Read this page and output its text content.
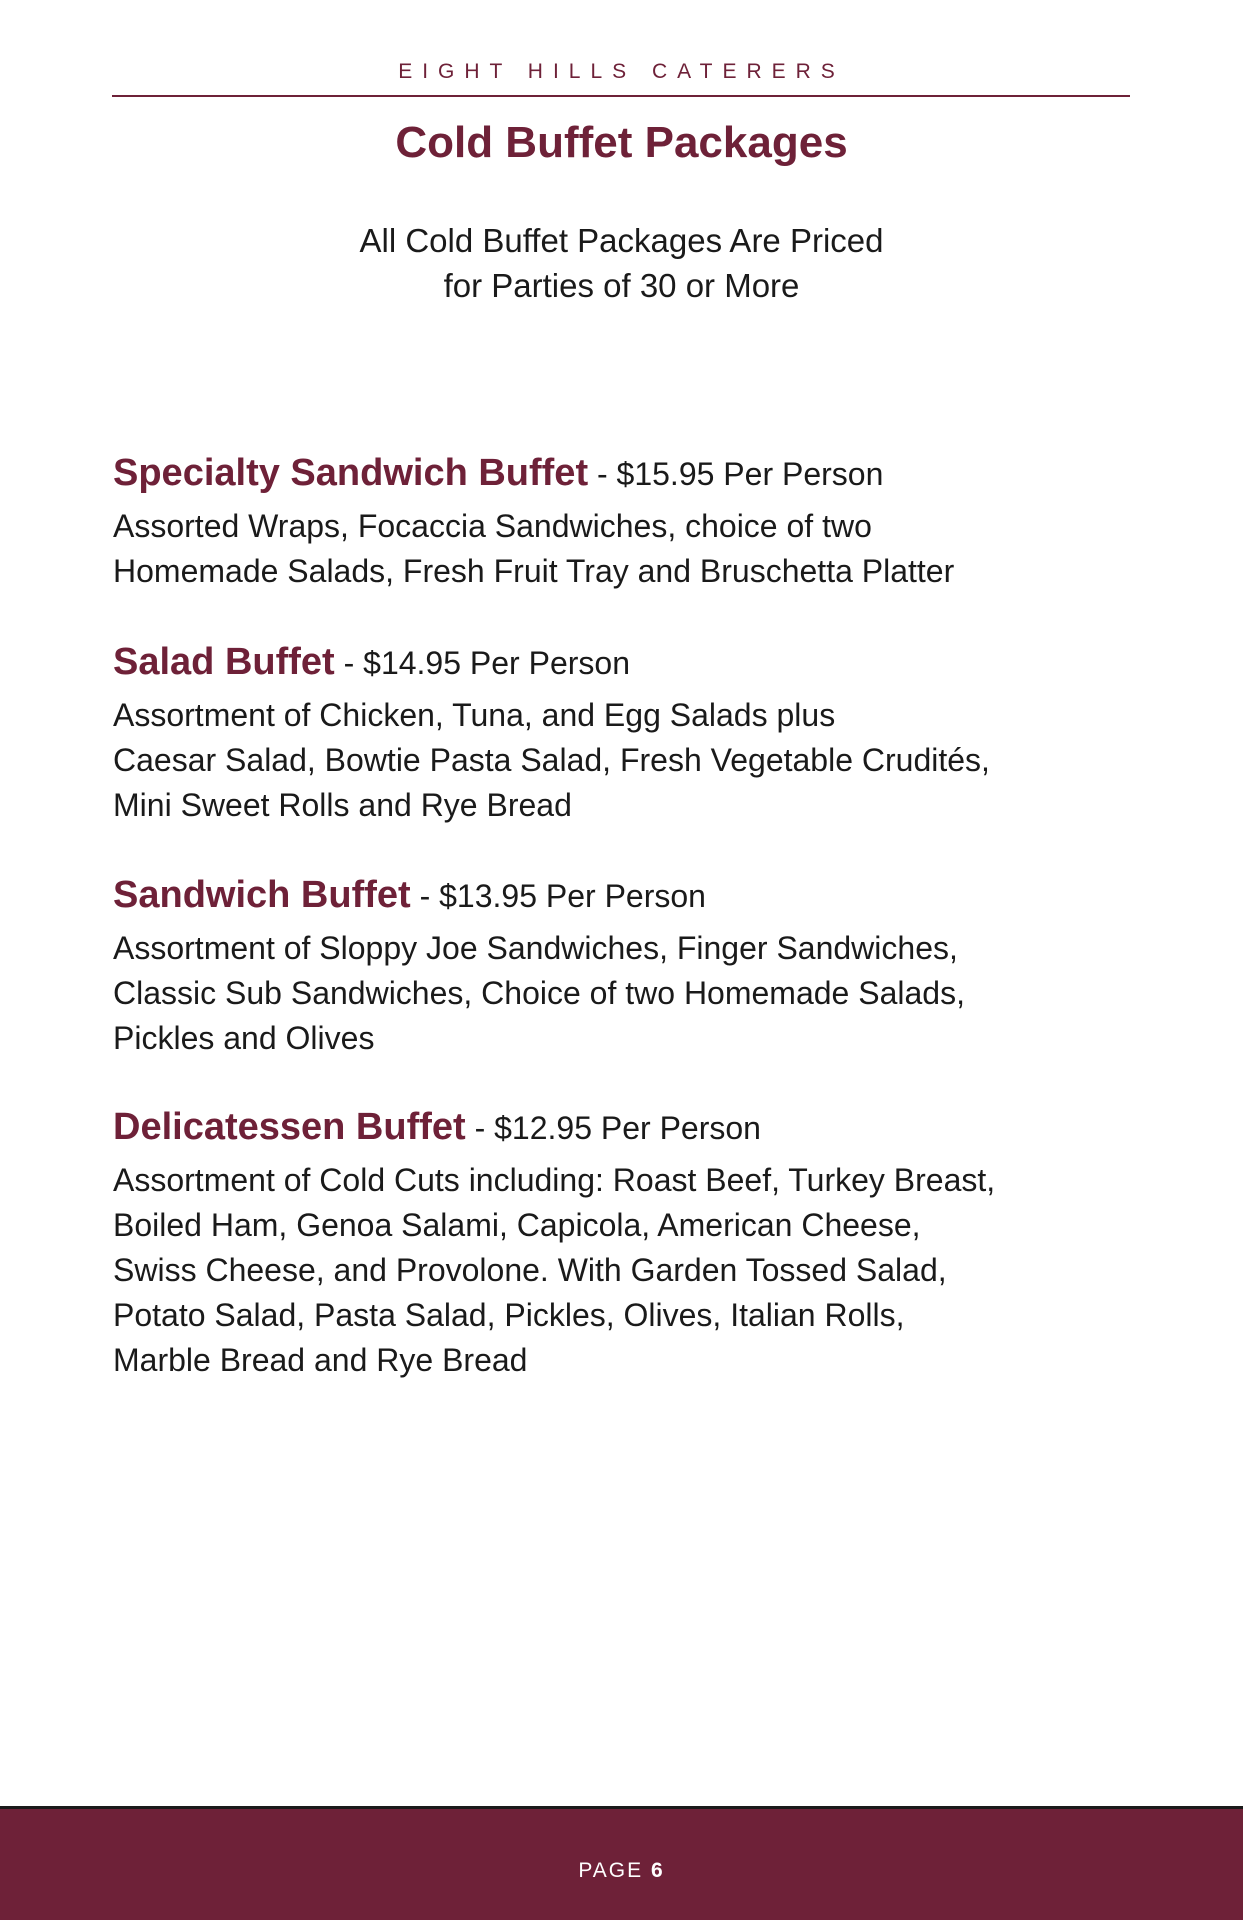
EIGHT HILLS CATERERS
Cold Buffet Packages
All Cold Buffet Packages Are Priced
for Parties of 30 or More
Specialty Sandwich Buffet - $15.95 Per Person
Assorted Wraps, Focaccia Sandwiches, choice of two
Homemade Salads, Fresh Fruit Tray and Bruschetta Platter
Salad Buffet - $14.95 Per Person
Assortment of Chicken, Tuna, and Egg Salads plus
Caesar Salad, Bowtie Pasta Salad, Fresh Vegetable Crudités,
Mini Sweet Rolls and Rye Bread
Sandwich Buffet - $13.95 Per Person
Assortment of Sloppy Joe Sandwiches, Finger Sandwiches,
Classic Sub Sandwiches, Choice of two Homemade Salads,
Pickles and Olives
Delicatessen Buffet - $12.95 Per Person
Assortment of Cold Cuts including: Roast Beef, Turkey Breast,
Boiled Ham, Genoa Salami, Capicola, American Cheese,
Swiss Cheese, and Provolone. With Garden Tossed Salad,
Potato Salad, Pasta Salad, Pickles, Olives, Italian Rolls,
Marble Bread and Rye Bread
PAGE 6
